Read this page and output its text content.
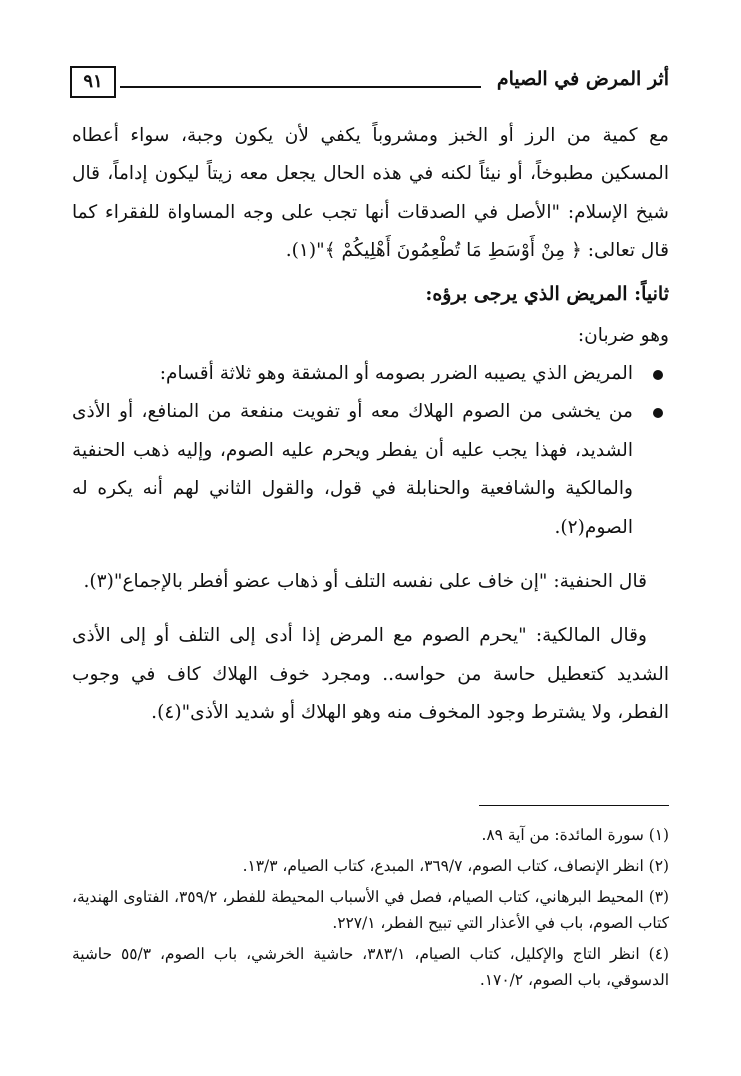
أثر المرض في الصيام
٩١

مع كمية من الرز أو الخبز ومشروباً يكفي لأن يكون وجبة، سواء أعطاه المسكين مطبوخاً، أو نيئاً لكنه في هذه الحال يجعل معه زيتاً ليكون إداماً، قال شيخ الإسلام: "الأصل في الصدقات أنها تجب على وجه المساواة للفقراء كما قال تعالى: ﴿ مِنْ أَوْسَطِ مَا تُطْعِمُونَ أَهْلِيكُمْ ﴾"(١).

ثانياً: المريض الذي يرجى برؤه:

وهو ضربان:

المريض الذي يصيبه الضرر بصومه أو المشقة وهو ثلاثة أقسام:

من يخشى من الصوم الهلاك معه أو تفويت منفعة من المنافع، أو الأذى الشديد، فهذا يجب عليه أن يفطر ويحرم عليه الصوم، وإليه ذهب الحنفية والمالكية والشافعية والحنابلة في قول، والقول الثاني لهم أنه يكره له الصوم(٢).

قال الحنفية: "إن خاف على نفسه التلف أو ذهاب عضو أفطر بالإجماع"(٣).

وقال المالكية: "يحرم الصوم مع المرض إذا أدى إلى التلف أو إلى الأذى الشديد كتعطيل حاسة من حواسه.. ومجرد خوف الهلاك كاف في وجوب الفطر، ولا يشترط وجود المخوف منه وهو الهلاك أو شديد الأذى"(٤).

(١) سورة المائدة: من آية ٨٩.

(٢) انظر الإنصاف، كتاب الصوم، ٣٦٩/٧، المبدع، كتاب الصيام، ١٣/٣.

(٣) المحيط البرهاني، كتاب الصيام، فصل في الأسباب المحيطة للفطر، ٣٥٩/٢، الفتاوى الهندية، كتاب الصوم، باب في الأعذار التي تبيح الفطر، ٢٢٧/١.

(٤) انظر التاج والإكليل، كتاب الصيام، ٣٨٣/١، حاشية الخرشي، باب الصوم، ٥٥/٣ حاشية الدسوقي، باب الصوم، ١٧٠/٢.
